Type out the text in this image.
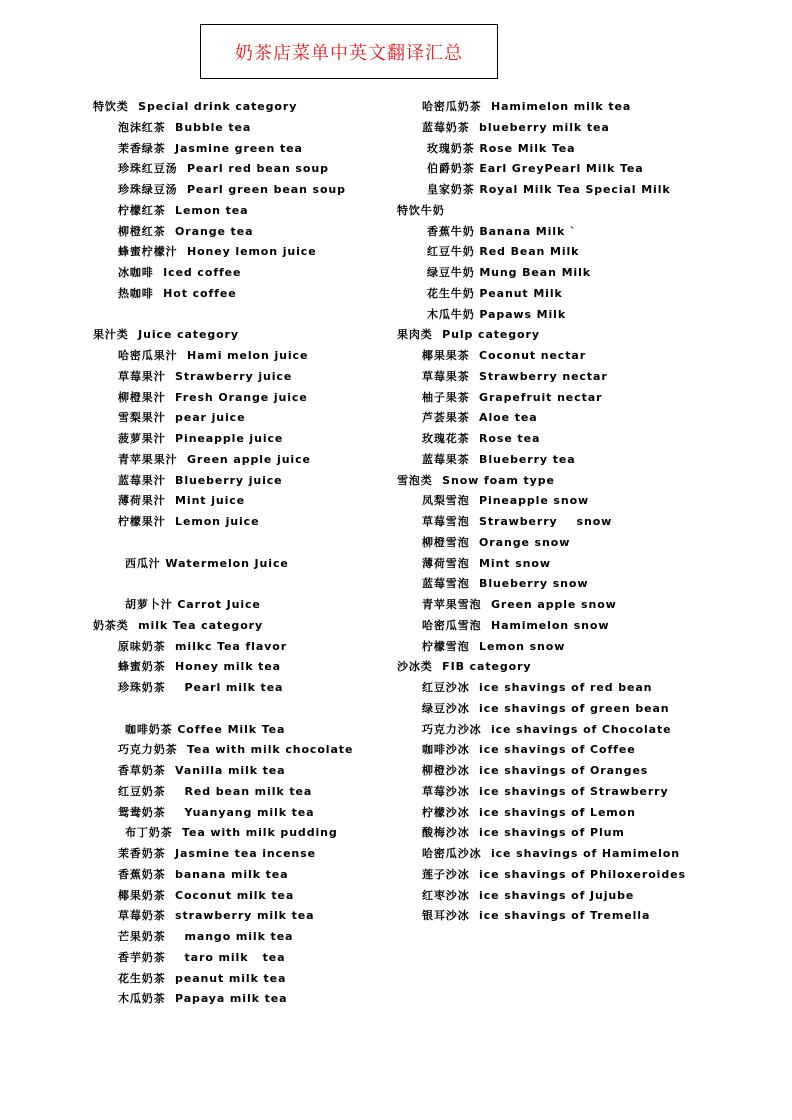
奶茶店菜单中英文翻译汇总
特饮类  Special drink category
泡沫红茶  Bubble tea
茉香绿茶  Jasmine green tea
珍珠红豆汤  Pearl red bean soup
珍珠绿豆汤  Pearl green bean soup
柠檬红茶  Lemon tea
柳橙红茶  Orange tea
蜂蜜柠檬汁  Honey lemon juice
冰咖啡  Iced coffee
热咖啡  Hot coffee
果汁类  Juice category
哈密瓜果汁  Hami melon juice
草莓果汁  Strawberry juice
柳橙果汁  Fresh Orange juice
雪梨果汁  pear juice
菠萝果汁  Pineapple juice
青苹果果汁  Green apple juice
蓝莓果汁  Blueberry juice
薄荷果汁  Mint juice
柠檬果汁  Lemon juice
西瓜汁 Watermelon Juice
胡萝卜汁 Carrot Juice
奶茶类  milk Tea category
原味奶茶  milkc Tea flavor
蜂蜜奶茶  Honey milk tea
珍珠奶茶    Pearl milk tea
咖啡奶茶 Coffee Milk Tea
巧克力奶茶  Tea with milk chocolate
香草奶茶  Vanilla milk tea
红豆奶茶    Red bean milk tea
鸳鸯奶茶    Yuanyang milk tea
布丁奶茶  Tea with milk pudding
茉香奶茶  Jasmine tea incense
香蕉奶茶  banana milk tea
椰果奶茶  Coconut milk tea
草莓奶茶  strawberry milk tea
芒果奶茶    mango milk tea
香芋奶茶    taro milk   tea
花生奶茶  peanut milk tea
木瓜奶茶  Papaya milk tea
哈密瓜奶茶  Hamimelon milk tea
蓝莓奶茶  blueberry milk tea
玫瑰奶茶 Rose Milk Tea
伯爵奶茶 Earl GreyPearl Milk Tea
皇家奶茶 Royal Milk Tea Special Milk
特饮牛奶
香蕉牛奶 Banana Milk `
红豆牛奶 Red Bean Milk
绿豆牛奶 Mung Bean Milk
花生牛奶 Peanut Milk
木瓜牛奶 Papaws Milk
果肉类  Pulp category
椰果果茶  Coconut nectar
草莓果茶  Strawberry nectar
柚子果茶  Grapefruit nectar
芦荟果茶  Aloe tea
玫瑰花茶  Rose tea
蓝莓果茶  Blueberry tea
雪泡类  Snow foam type
凤梨雪泡  Pineapple snow
草莓雪泡  Strawberry    snow
柳橙雪泡  Orange snow
薄荷雪泡  Mint snow
蓝莓雪泡  Blueberry snow
青苹果雪泡  Green apple snow
哈密瓜雪泡  Hamimelon snow
柠檬雪泡  Lemon snow
沙冰类  FIB category
红豆沙冰  ice shavings of red bean
绿豆沙冰  ice shavings of green bean
巧克力沙冰  ice shavings of Chocolate
咖啡沙冰  ice shavings of Coffee
柳橙沙冰  ice shavings of Oranges
草莓沙冰  ice shavings of Strawberry
柠檬沙冰  ice shavings of Lemon
酸梅沙冰  ice shavings of Plum
哈密瓜沙冰  ice shavings of Hamimelon
莲子沙冰  ice shavings of Philoxeroides
红枣沙冰  ice shavings of Jujube
银耳沙冰  ice shavings of Tremella
